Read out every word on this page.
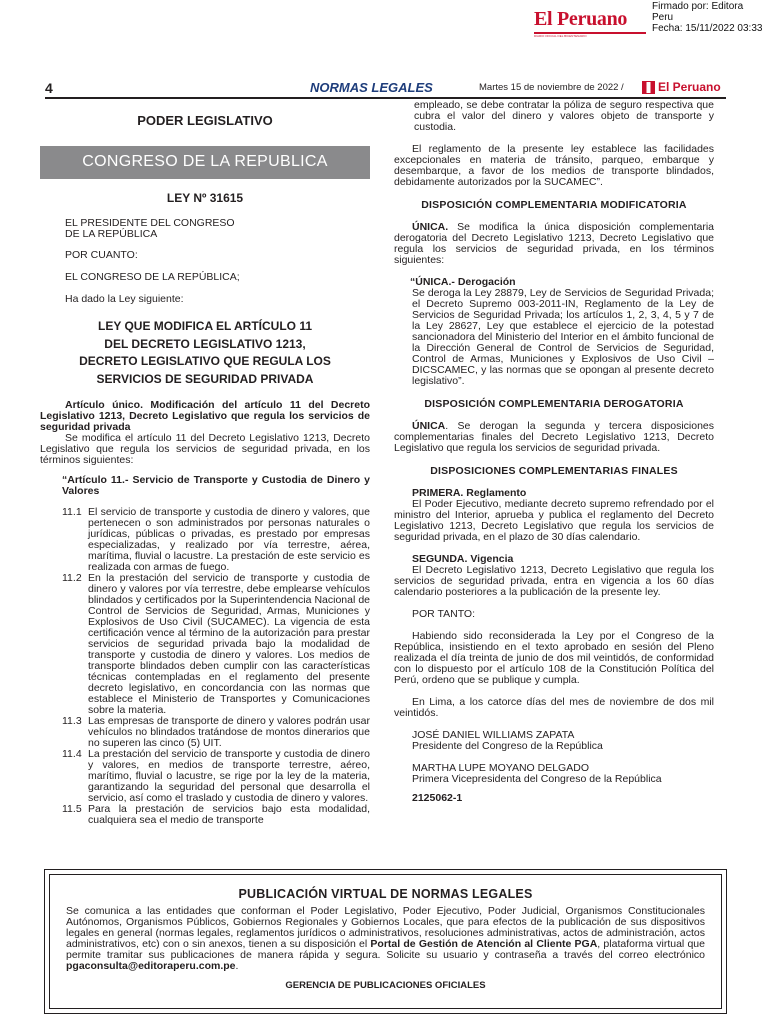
El Peruano
DIARIO OFICIAL DEL BICENTENARIO
Firmado por: Editora
Peru
Fecha: 15/11/2022 03:33
4	NORMAS LEGALES	Martes 15 de noviembre de 2022 /	El Peruano
PODER LEGISLATIVO
CONGRESO DE LA REPUBLICA
LEY Nº 31615
EL PRESIDENTE DEL CONGRESO
DE LA REPÚBLICA
POR CUANTO:
EL CONGRESO DE LA REPÚBLICA;
Ha dado la Ley siguiente:
LEY QUE MODIFICA EL ARTÍCULO 11
DEL DECRETO LEGISLATIVO 1213,
DECRETO LEGISLATIVO QUE REGULA LOS
SERVICIOS DE SEGURIDAD PRIVADA
Artículo único. Modificación del artículo 11 del Decreto Legislativo 1213, Decreto Legislativo que regula los servicios de seguridad privada
Se modifica el artículo 11 del Decreto Legislativo 1213, Decreto Legislativo que regula los servicios de seguridad privada, en los términos siguientes:
“Artículo 11.- Servicio de Transporte y Custodia de Dinero y Valores
11.1 El servicio de transporte y custodia de dinero y valores, que pertenecen o son administrados por personas naturales o jurídicas, públicas o privadas, es prestado por empresas especializadas, y realizado por vía terrestre, aérea, marítima, fluvial o lacustre. La prestación de este servicio es realizada con armas de fuego.
11.2 En la prestación del servicio de transporte y custodia de dinero y valores por vía terrestre, debe emplearse vehículos blindados y certificados por la Superintendencia Nacional de Control de Servicios de Seguridad, Armas, Municiones y Explosivos de Uso Civil (SUCAMEC). La vigencia de esta certificación vence al término de la autorización para prestar servicios de seguridad privada bajo la modalidad de transporte y custodia de dinero y valores. Los medios de transporte blindados deben cumplir con las características técnicas contempladas en el reglamento del presente decreto legislativo, en concordancia con las normas que establece el Ministerio de Transportes y Comunicaciones sobre la materia.
11.3 Las empresas de transporte de dinero y valores podrán usar vehículos no blindados tratándose de montos dinerarios que no superen las cinco (5) UIT.
11.4 La prestación del servicio de transporte y custodia de dinero y valores, en medios de transporte terrestre, aéreo, marítimo, fluvial o lacustre, se rige por la ley de la materia, garantizando la seguridad del personal que desarrolla el servicio, así como el traslado y custodia de dinero y valores.
11.5 Para la prestación de servicios bajo esta modalidad, cualquiera sea el medio de transporte
empleado, se debe contratar la póliza de seguro respectiva que cubra el valor del dinero y valores objeto de transporte y custodia.
El reglamento de la presente ley establece las facilidades excepcionales en materia de tránsito, parqueo, embarque y desembarque, a favor de los medios de transporte blindados, debidamente autorizados por la SUCAMEC”.
DISPOSICIÓN COMPLEMENTARIA MODIFICATORIA
ÚNICA. Se modifica la única disposición complementaria derogatoria del Decreto Legislativo 1213, Decreto Legislativo que regula los servicios de seguridad privada, en los términos siguientes:
“ÚNICA.- Derogación
Se deroga la Ley 28879, Ley de Servicios de Seguridad Privada; el Decreto Supremo 003-2011-IN, Reglamento de la Ley de Servicios de Seguridad Privada; los artículos 1, 2, 3, 4, 5 y 7 de la Ley 28627, Ley que establece el ejercicio de la potestad sancionadora del Ministerio del Interior en el ámbito funcional de la Dirección General de Control de Servicios de Seguridad, Control de Armas, Municiones y Explosivos de Uso Civil – DICSCAMEC, y las normas que se opongan al presente decreto legislativo”.
DISPOSICIÓN COMPLEMENTARIA DEROGATORIA
ÚNICA. Se derogan la segunda y tercera disposiciones complementarias finales del Decreto Legislativo 1213, Decreto Legislativo que regula los servicios de seguridad privada.
DISPOSICIONES COMPLEMENTARIAS FINALES
PRIMERA. Reglamento
El Poder Ejecutivo, mediante decreto supremo refrendado por el ministro del Interior, aprueba y publica el reglamento del Decreto Legislativo 1213, Decreto Legislativo que regula los servicios de seguridad privada, en el plazo de 30 días calendario.
SEGUNDA. Vigencia
El Decreto Legislativo 1213, Decreto Legislativo que regula los servicios de seguridad privada, entra en vigencia a los 60 días calendario posteriores a la publicación de la presente ley.
POR TANTO:
Habiendo sido reconsiderada la Ley por el Congreso de la República, insistiendo en el texto aprobado en sesión del Pleno realizada el día treinta de junio de dos mil veintidós, de conformidad con lo dispuesto por el artículo 108 de la Constitución Política del Perú, ordeno que se publique y cumpla.
En Lima, a los catorce días del mes de noviembre de dos mil veintidós.
JOSÉ DANIEL WILLIAMS ZAPATA
Presidente del Congreso de la República
MARTHA LUPE MOYANO DELGADO
Primera Vicepresidenta del Congreso de la República
2125062-1
PUBLICACIÓN VIRTUAL DE NORMAS LEGALES
Se comunica a las entidades que conforman el Poder Legislativo, Poder Ejecutivo, Poder Judicial, Organismos Constitucionales Autónomos, Organismos Públicos, Gobiernos Regionales y Gobiernos Locales, que para efectos de la publicación de sus dispositivos legales en general (normas legales, reglamentos jurídicos o administrativos, resoluciones administrativas, actos de administración, actos administrativos, etc) con o sin anexos, tienen a su disposición el Portal de Gestión de Atención al Cliente PGA, plataforma virtual que permite tramitar sus publicaciones de manera rápida y segura. Solicite su usuario y contraseña a través del correo electrónico pgaconsulta@editoraperu.com.pe.
GERENCIA DE PUBLICACIONES OFICIALES
